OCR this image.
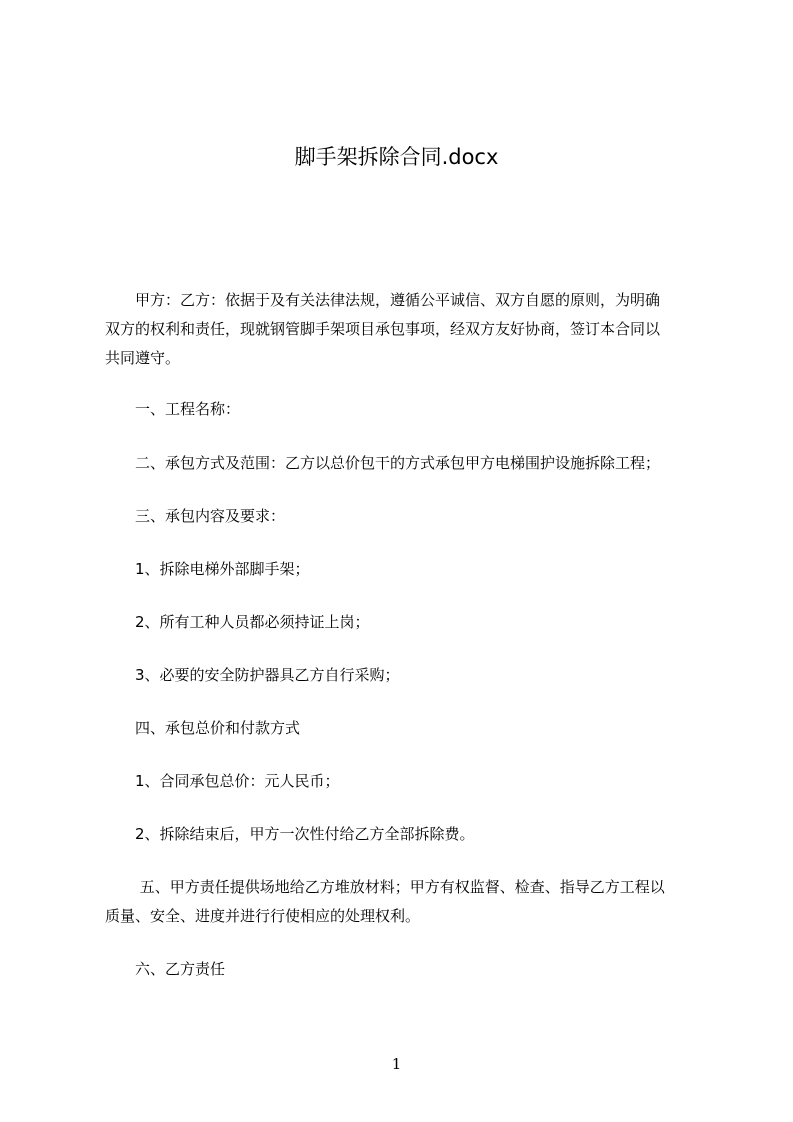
脚手架拆除合同.docx
　　甲方：乙方：依据于及有关法律法规，遵循公平诚信、双方自愿的原则，为明确
双方的权利和责任，现就钢管脚手架项目承包事项，经双方友好协商，签订本合同以
共同遵守。
　　一、工程名称：
　　二、承包方式及范围：乙方以总价包干的方式承包甲方电梯围护设施拆除工程；
　　三、承包内容及要求：
　　1、拆除电梯外部脚手架；
　　2、所有工种人员都必须持证上岗；
　　3、必要的安全防护器具乙方自行采购；
　　四、承包总价和付款方式
　　1、合同承包总价：元人民币；
　　2、拆除结束后，甲方一次性付给乙方全部拆除费。
　　 五、甲方责任提供场地给乙方堆放材料；甲方有权监督、检查、指导乙方工程以
质量、安全、进度并进行行使相应的处理权利。
　　六、乙方责任
1
